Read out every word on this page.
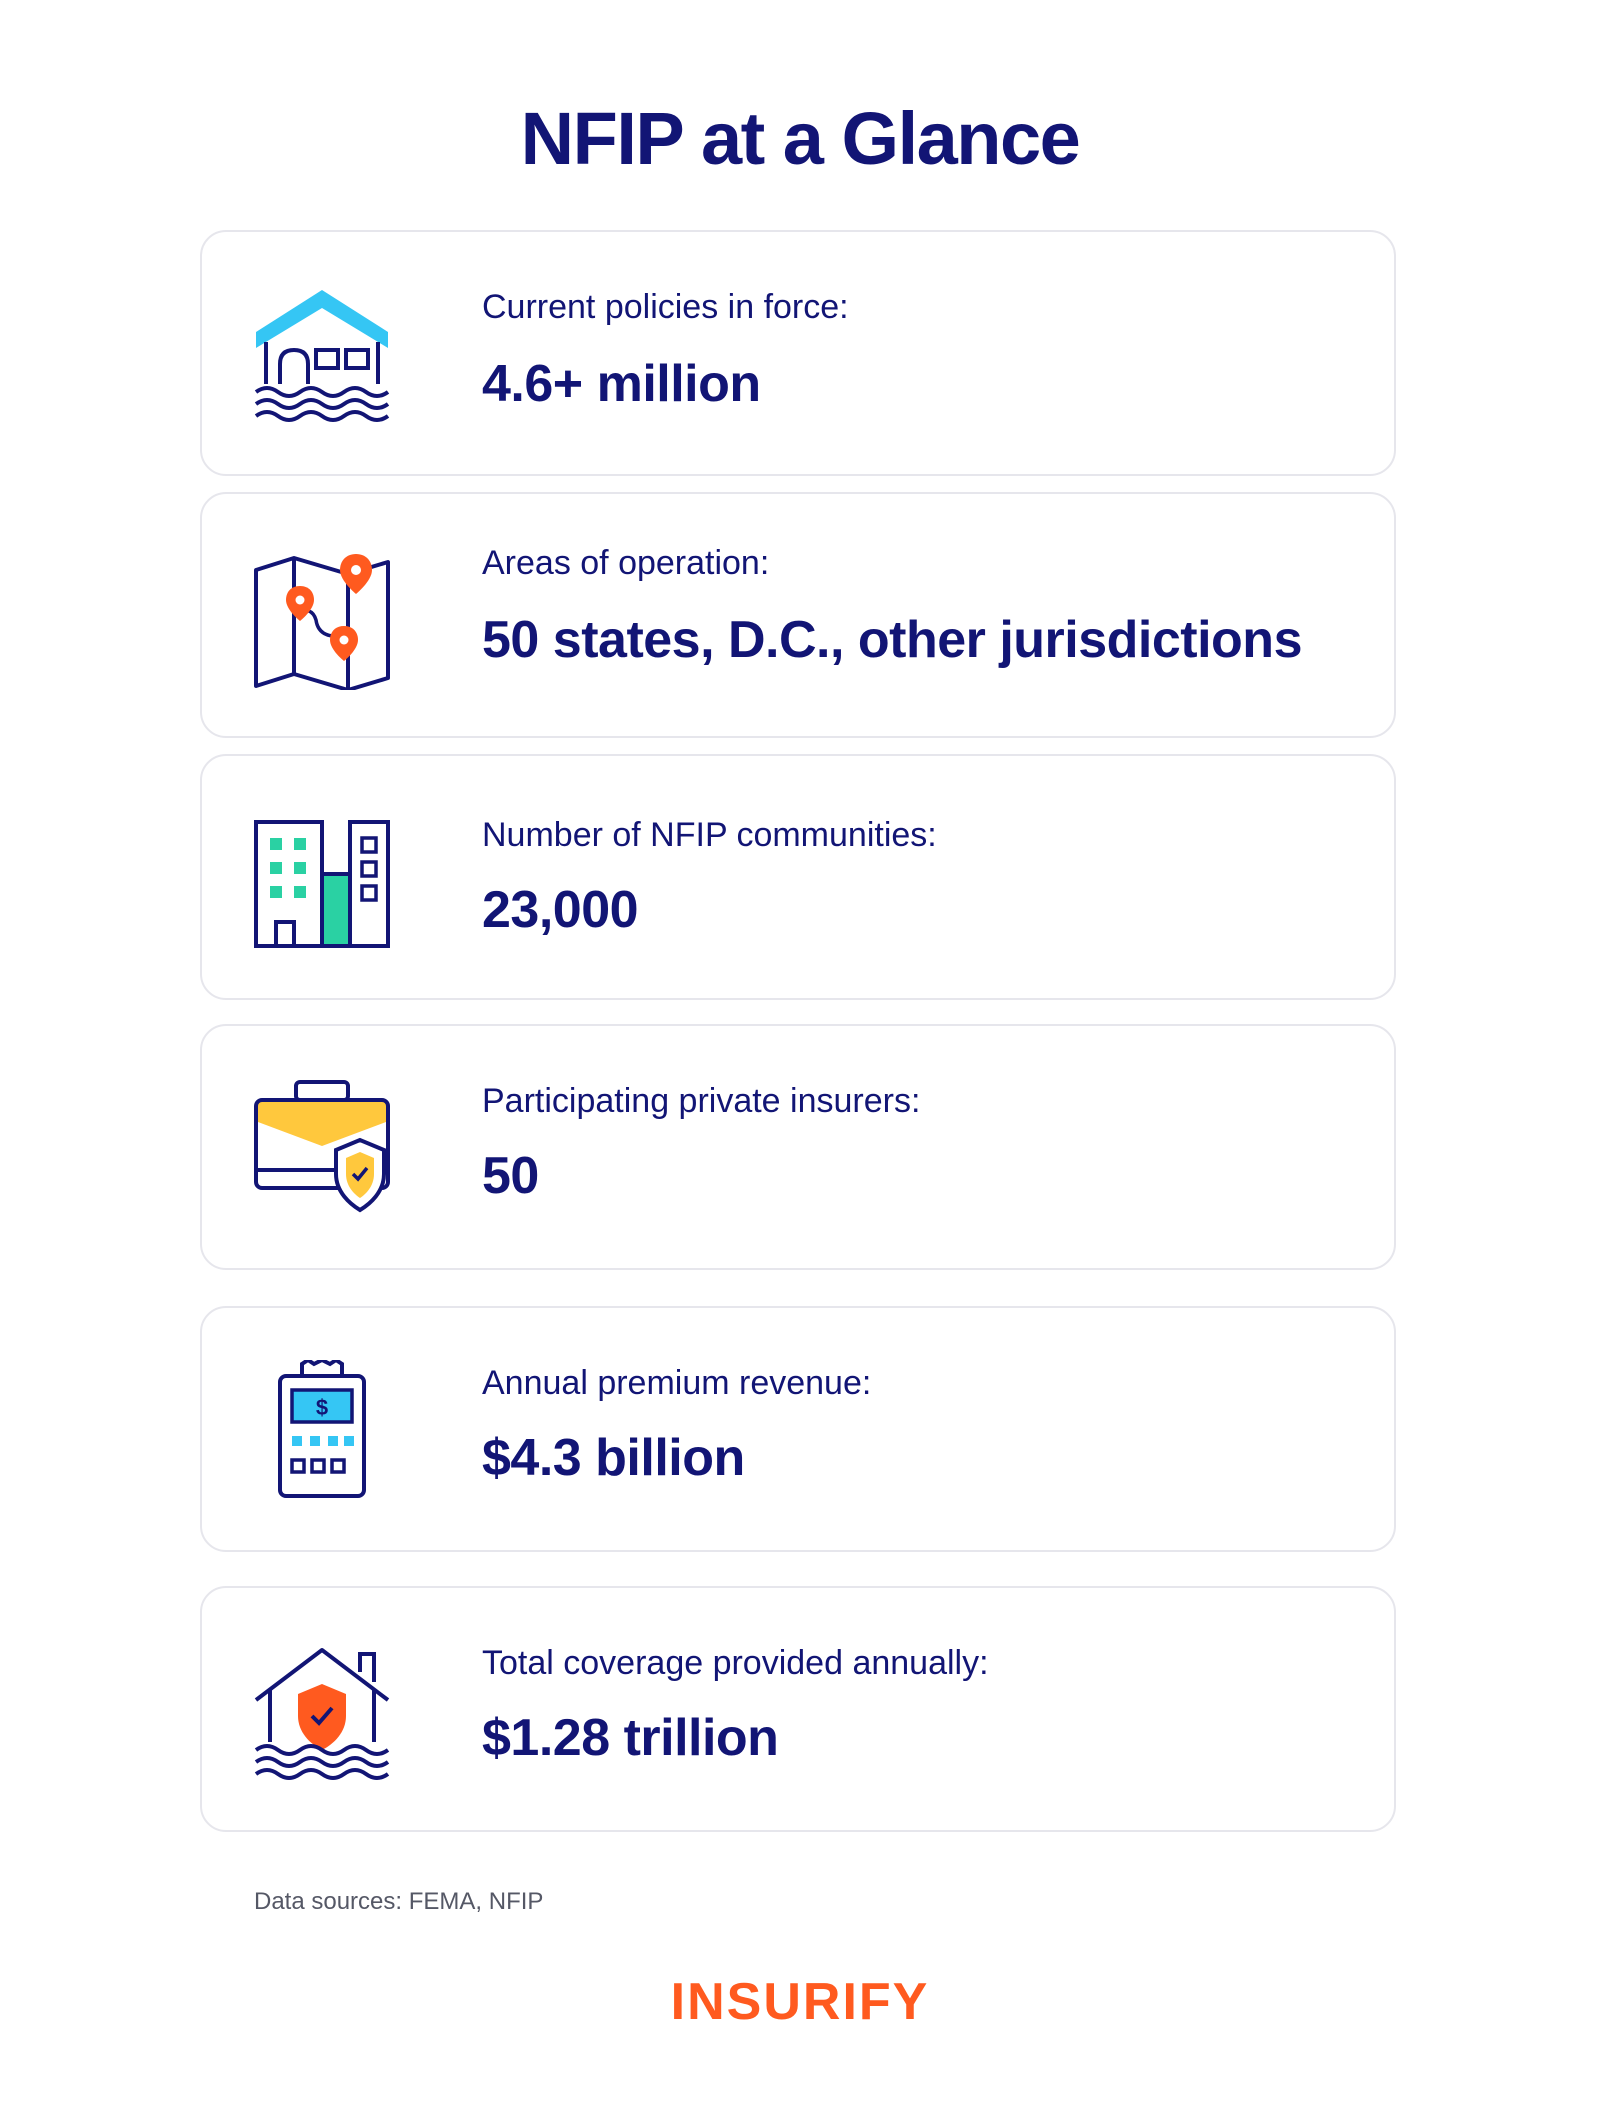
NFIP at a Glance
Current policies in force:
4.6+ million
Areas of operation:
50 states, D.C., other jurisdictions
Number of NFIP communities:
23,000
Participating private insurers:
50
$
Annual premium revenue:
$4.3 billion
Total coverage provided annually:
$1.28 trillion
Data sources: FEMA, NFIP
INSURIFY
